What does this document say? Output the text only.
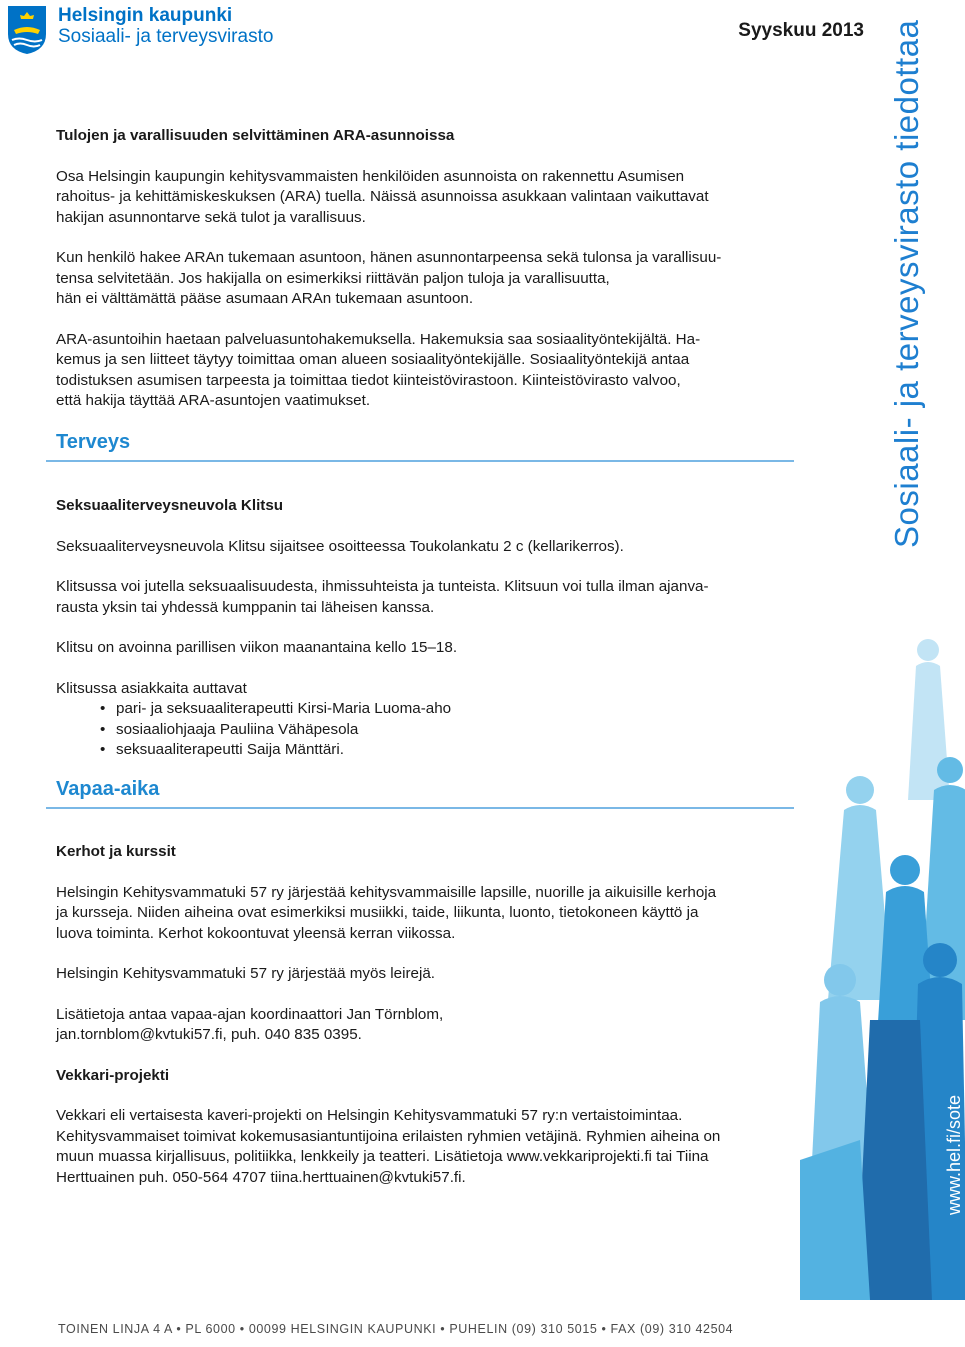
Helsingin kaupunki
Sosiaali- ja terveysvirasto	Syyskuu 2013

Tulojen ja varallisuuden selvittäminen ARA-asunnoissa

Osa Helsingin kaupungin kehitysvammaisten henkilöiden asunnoista on rakennettu Asumisen

rahoitus- ja kehittämiskeskuksen (ARA) tuella. Näissä asunnoissa asukkaan valintaan vaikuttavat

hakijan asunnontarve sekä tulot ja varallisuus.

Kun henkilö hakee ARAn tukemaan asuntoon, hänen asunnontarpeensa sekä tulonsa ja varallisuu-

tensa selvitetään. Jos hakijalla on esimerkiksi riittävän paljon tuloja ja varallisuutta,

hän ei välttämättä pääse asumaan ARAn tukemaan asuntoon.

ARA-asuntoihin haetaan palveluasuntohakemuksella. Hakemuksia saa sosiaalityöntekijältä. Ha-

kemus ja sen liitteet täytyy toimittaa oman alueen sosiaalityöntekijälle. Sosiaalityöntekijä antaa

todistuksen asumisen tarpeesta ja toimittaa tiedot kiinteistövirastoon. Kiinteistövirasto valvoo,

että hakija täyttää ARA-asuntojen vaatimukset.

Terveys

Seksuaaliterveysneuvola Klitsu

Seksuaaliterveysneuvola Klitsu sijaitsee osoitteessa Toukolankatu 2 c (kellarikerros).

Klitsussa voi jutella seksuaalisuudesta, ihmissuhteista ja tunteista. Klitsuun voi tulla ilman ajanva-

rausta yksin tai yhdessä kumppanin tai läheisen kanssa.

Klitsu on avoinna parillisen viikon maanantaina kello 15–18.

Klitsussa asiakkaita auttavat

• pari- ja seksuaaliterapeutti Kirsi-Maria Luoma-aho
• sosiaaliohjaaja Pauliina Vähäpesola
• seksuaaliterapeutti Saija Mänttäri.
Vapaa-aika

Kerhot ja kurssit

Helsingin Kehitysvammatuki 57 ry järjestää kehitysvammaisille lapsille, nuorille ja aikuisille kerhoja

ja kursseja. Niiden aiheina ovat esimerkiksi musiikki, taide, liikunta, luonto, tietokoneen käyttö ja

luova toiminta. Kerhot kokoontuvat yleensä kerran viikossa.

Helsingin Kehitysvammatuki 57 ry järjestää myös leirejä.

Lisätietoja antaa vapaa-ajan koordinaattori Jan Törnblom,

jan.tornblom@kvtuki57.fi, puh. 040 835 0395.

Vekkari-projekti

Vekkari eli vertaisesta kaveri-projekti on Helsingin Kehitysvammatuki 57 ry:n vertaistoimintaa.

Kehitysvammaiset toimivat kokemusasiantuntijoina erilaisten ryhmien vetäjinä. Ryhmien aiheina on

muun muassa kirjallisuus, politiikka, lenkkeily ja teatteri. Lisätietoja www.vekkariprojekti.fi tai Tiina

Herttuainen puh. 050-564 4707 tiina.herttuainen@kvtuki57.fi.

Sosiaali- ja terveysvirasto tiedottaa
www.hel.fi/sote
TOINEN LINJA 4 A • PL 6000 • 00099 HELSINGIN KAUPUNKI • PUHELIN (09) 310 5015 • FAX (09) 310 42504
